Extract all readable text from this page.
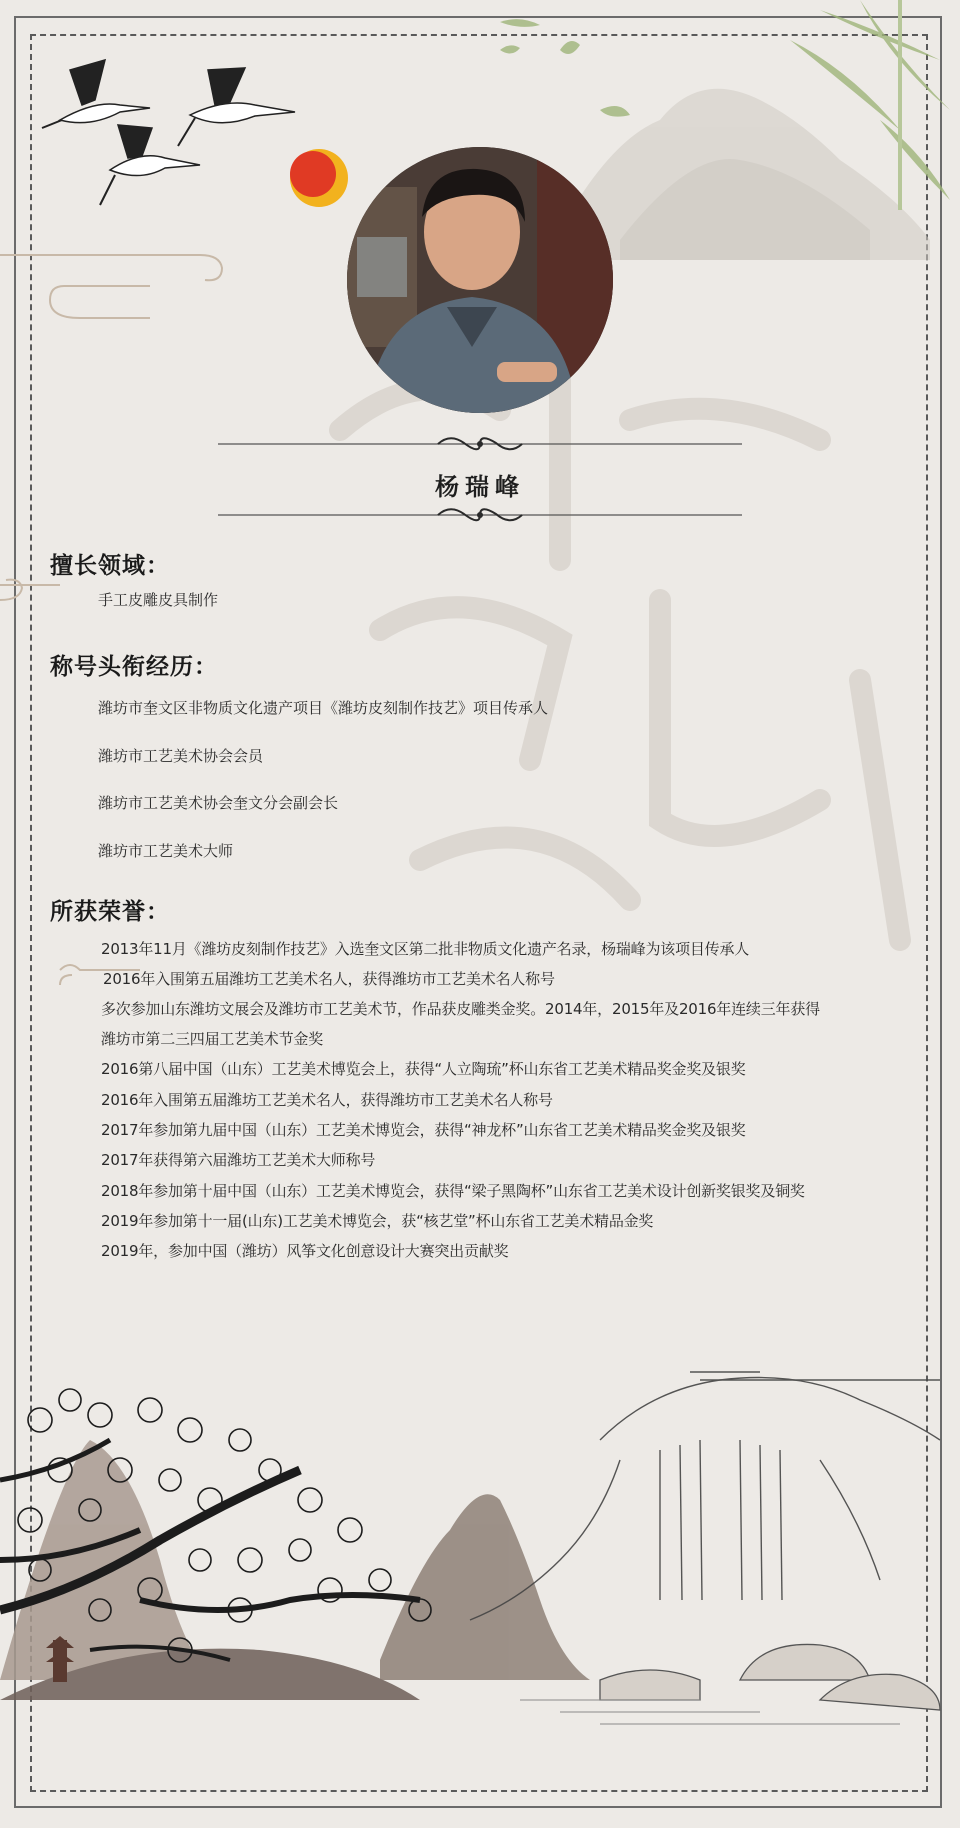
杨瑞峰
擅长领域：
手工皮雕皮具制作
称号头衔经历：
潍坊市奎文区非物质文化遗产项目《潍坊皮刻制作技艺》项目传承人
潍坊市工艺美术协会会员
潍坊市工艺美术协会奎文分会副会长
潍坊市工艺美术大师
所获荣誉：
2013年11月《潍坊皮刻制作技艺》入选奎文区第二批非物质文化遗产名录，杨瑞峰为该项目传承人
2016年入围第五届潍坊工艺美术名人，获得潍坊市工艺美术名人称号
多次参加山东潍坊文展会及潍坊市工艺美术节，作品获皮雕类金奖。2014年，2015年及2016年连续三年获得
潍坊市第二三四届工艺美术节金奖
2016第八届中国（山东）工艺美术博览会上，获得“人立陶琉”杯山东省工艺美术精品奖金奖及银奖
2016年入围第五届潍坊工艺美术名人，获得潍坊市工艺美术名人称号
2017年参加第九届中国（山东）工艺美术博览会，获得“神龙杯”山东省工艺美术精品奖金奖及银奖
2017年获得第六届潍坊工艺美术大师称号
2018年参加第十届中国（山东）工艺美术博览会，获得“梁子黑陶杯”山东省工艺美术设计创新奖银奖及铜奖
2019年参加第十一届(山东)工艺美术博览会，获“核艺堂”杯山东省工艺美术精品金奖
2019年，参加中国（潍坊）风筝文化创意设计大赛突出贡献奖
